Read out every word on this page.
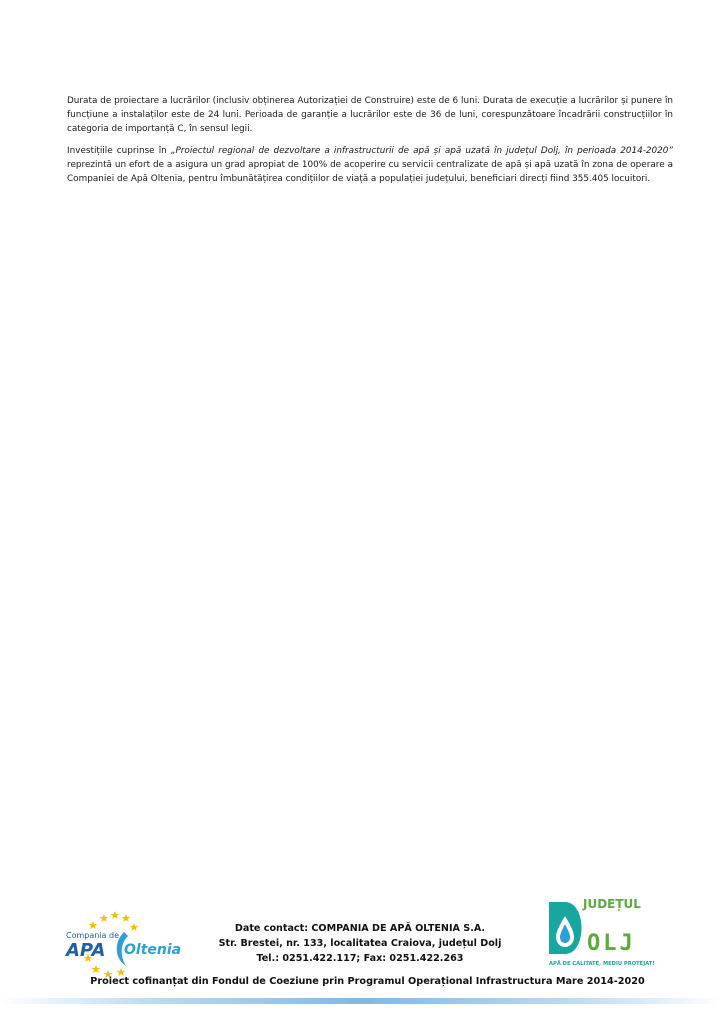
Durata de proiectare a lucrărilor (inclusiv obținerea Autorizației de Construire) este de 6 luni. Durata de execuție a lucrărilor și punere în funcțiune a instalaților este de 24 luni. Perioada de garanție a lucrărilor este de 36 de luni, corespunzătoare încadrării construcțiilor în categoria de importanță C, în sensul legii.

Investițiile cuprinse în „Proiectul regional de dezvoltare a infrastructurii de apă și apă uzată în județul Dolj, în perioada 2014-2020” reprezintă un efort de a asigura un grad apropiat de 100% de acoperire cu servicii centralizate de apă și apă uzată în zona de operare a Companiei de Apă Oltenia, pentru îmbunătățirea condițiilor de viață a populației județului, beneficiari direcți fiind 355.405 locuitori.

Compania de
APA Oltenia
Date contact: COMPANIA DE APĂ OLTENIA S.A.
Str. Brestei, nr. 133, localitatea Craiova, județul Dolj
Tel.: 0251.422.117; Fax: 0251.422.263
JUDEȚUL
OLJ
APĂ DE CALITATE, MEDIU PROTEJAT!
Proiect cofinanțat din Fondul de Coeziune prin Programul Operațional Infrastructura Mare 2014-2020
